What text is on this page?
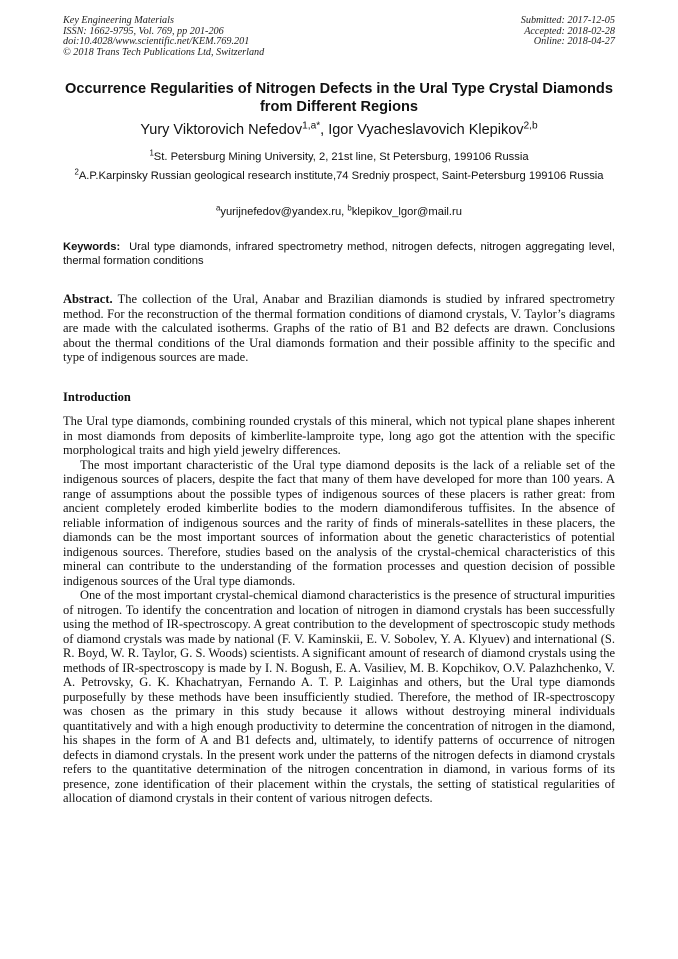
Key Engineering Materials
ISSN: 1662-9795, Vol. 769, pp 201-206
doi:10.4028/www.scientific.net/KEM.769.201
© 2018 Trans Tech Publications Ltd, Switzerland
Submitted: 2017-12-05
Accepted: 2018-02-28
Online: 2018-04-27
Occurrence Regularities of Nitrogen Defects in the Ural Type Crystal Diamonds from Different Regions
Yury Viktorovich Nefedov$^{1,a*}$, Igor Vyacheslavovich Klepikov$^{2,b}$
$^1$St. Petersburg Mining University, 2, 21st line, St Petersburg, 199106 Russia
$^2$A.P.Karpinsky Russian geological research institute,74 Sredniy prospect, Saint-Petersburg 199106 Russia
$^a$yurijnefedov@yandex.ru, $^b$klepikov_lgor@mail.ru
Keywords: Ural type diamonds, infrared spectrometry method, nitrogen defects, nitrogen aggregating level, thermal formation conditions
Abstract. The collection of the Ural, Anabar and Brazilian diamonds is studied by infrared spectrometry method. For the reconstruction of the thermal formation conditions of diamond crystals, V. Taylor’s diagrams are made with the calculated isotherms. Graphs of the ratio of B1 and B2 defects are drawn. Conclusions about the thermal conditions of the Ural diamonds formation and their possible affinity to the specific and type of indigenous sources are made.
Introduction

The Ural type diamonds, combining rounded crystals of this mineral, which not typical plane shapes inherent in most diamonds from deposits of kimberlite-lamproite type, long ago got the attention with the specific morphological traits and high yield jewelry differences.

The most important characteristic of the Ural type diamond deposits is the lack of a reliable set of the indigenous sources of placers, despite the fact that many of them have developed for more than 100 years. A range of assumptions about the possible types of indigenous sources of these placers is rather great: from ancient completely eroded kimberlite bodies to the modern diamondiferous tuffisites. In the absence of reliable information of indigenous sources and the rarity of finds of minerals-satellites in these placers, the diamonds can be the most important sources of information about the genetic characteristics of potential indigenous sources. Therefore, studies based on the analysis of the crystal-chemical characteristics of this mineral can contribute to the understanding of the formation processes and question decision of possible indigenous sources of the Ural type diamonds.

One of the most important crystal-chemical diamond characteristics is the presence of structural impurities of nitrogen. To identify the concentration and location of nitrogen in diamond crystals has been successfully using the method of IR-spectroscopy. A great contribution to the development of spectroscopic study methods of diamond crystals was made by national (F. V. Kaminskii, E. V. Sobolev, Y. A. Klyuev) and international (S. R. Boyd, W. R. Taylor, G. S. Woods) scientists. A significant amount of research of diamond crystals using the methods of IR-spectroscopy is made by I. N. Bogush, E. A. Vasiliev, M. B. Kopchikov, O.V. Palazhchenko, V. A. Petrovsky, G. K. Khachatryan, Fernando A. T. P. Laiginhas and others, but the Ural type diamonds purposefully by these methods have been insufficiently studied. Therefore, the method of IR-spectroscopy was chosen as the primary in this study because it allows without destroying mineral individuals quantitatively and with a high enough productivity to determine the concentration of nitrogen in the diamond, his shapes in the form of A and B1 defects and, ultimately, to identify patterns of occurrence of nitrogen defects in diamond crystals. In the present work under the patterns of the nitrogen defects in diamond crystals refers to the quantitative determination of the nitrogen concentration in diamond, in various forms of its presence, zone identification of their placement within the crystals, the setting of statistical regularities of allocation of diamond crystals in their content of various nitrogen defects.
